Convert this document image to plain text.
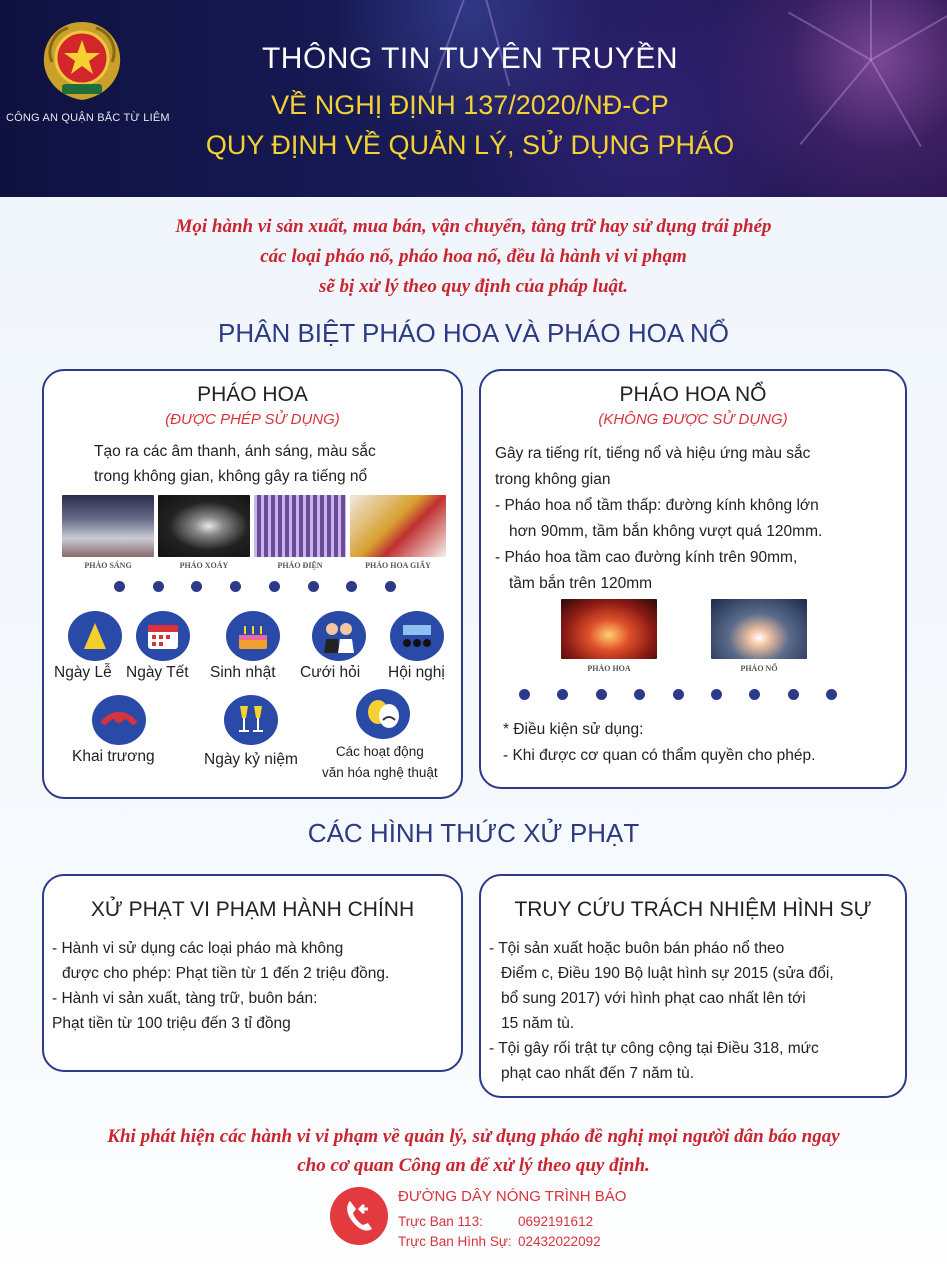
CÔNG AN QUẬN BẮC TỪ LIÊM
THÔNG TIN TUYÊN TRUYỀN
VỀ NGHỊ ĐỊNH 137/2020/NĐ-CP
QUY ĐỊNH VỀ QUẢN LÝ, SỬ DỤNG PHÁO
Mọi hành vi sản xuất, mua bán, vận chuyển, tàng trữ hay sử dụng trái phép
các loại pháo nổ, pháo hoa nổ, đều là hành vi vi phạm
sẽ bị xử lý theo quy định của pháp luật.
PHÂN BIỆT PHÁO HOA VÀ PHÁO HOA NỔ
PHÁO HOA
(ĐƯỢC PHÉP SỬ DỤNG)
Tạo ra các âm thanh, ánh sáng, màu sắc
trong không gian, không gây ra tiếng nổ
PHÁO SÁNG	PHÁO XOÁY	PHÁO ĐIỆN	PHÁO HOA GIẤY
Ngày Lễ Ngày Tết Sinh nhật Cưới hỏi Hội nghị
Khai trương	Ngày kỷ niệm	Các hoạt động
văn hóa nghệ thuật
PHÁO HOA NỔ
(KHÔNG ĐƯỢC SỬ DỤNG)
Gây ra tiếng rít, tiếng nổ và hiệu ứng màu sắc
trong không gian
- Pháo hoa nổ tầm thấp: đường kính không lớn
hơn 90mm, tầm bắn không vượt quá 120mm.
- Pháo hoa tầm cao đường kính trên 90mm,
tầm bắn trên 120mm
PHÁO HOA	PHÁO NỔ
* Điều kiện sử dụng:
- Khi được cơ quan có thẩm quyền cho phép.
CÁC HÌNH THỨC XỬ PHẠT
XỬ PHẠT VI PHẠM HÀNH CHÍNH
- Hành vi sử dụng các loại pháo mà không
được cho phép: Phạt tiền từ 1 đến 2 triệu đồng.
- Hành vi sản xuất, tàng trữ, buôn bán:
Phạt tiền từ 100 triệu đến 3 tỉ đồng
TRUY CỨU TRÁCH NHIỆM HÌNH SỰ
- Tội sản xuất hoặc buôn bán pháo nổ theo
Điểm c, Điều 190 Bộ luật hình sự 2015 (sửa đổi,
bổ sung 2017) với hình phạt cao nhất lên tới
15 năm tù.
- Tội gây rối trật tự công cộng tại Điều 318, mức
phạt cao nhất đến 7 năm tù.
Khi phát hiện các hành vi vi phạm về quản lý, sử dụng pháo đề nghị mọi người dân báo ngay
cho cơ quan Công an để xử lý theo quy định.
ĐƯỜNG DÂY NÓNG TRÌNH BÁO
Trực Ban 113:	0692191612
Trực Ban Hình Sự: 02432022092
